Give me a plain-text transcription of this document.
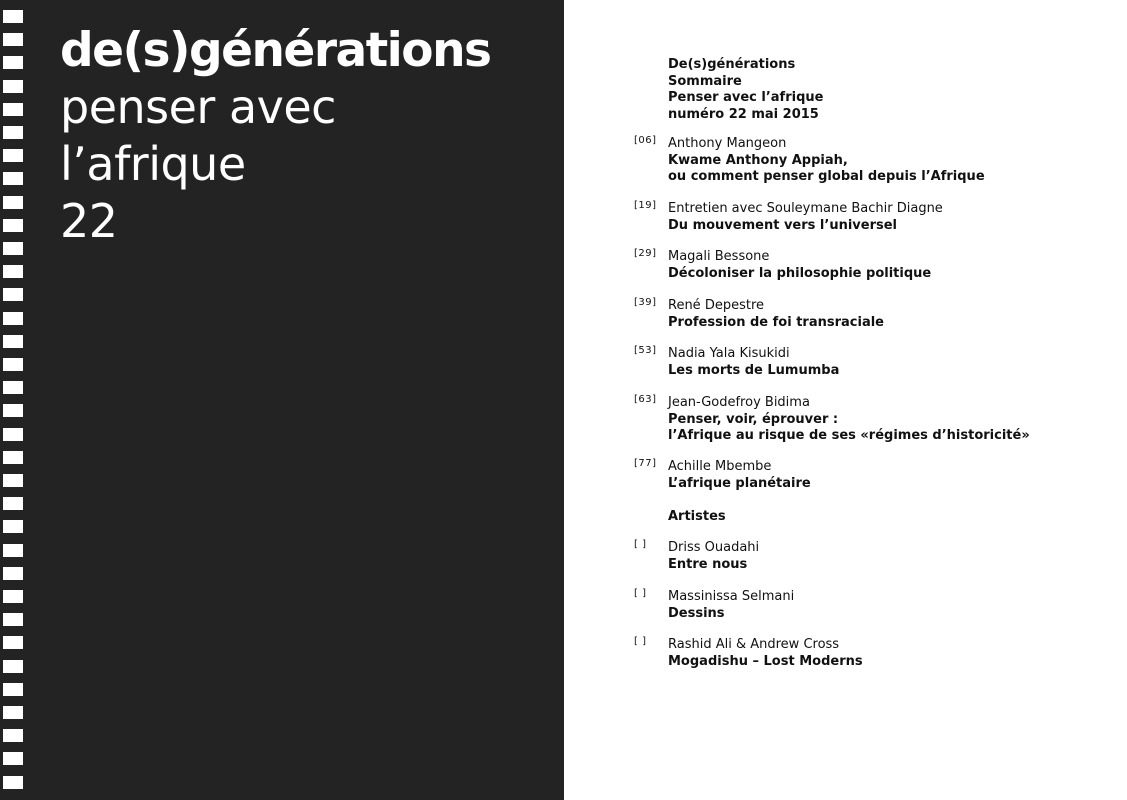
de(s)générations
penser avec
l’afrique
22
De(s)générations
Sommaire
Penser avec l’afrique
numéro 22 mai 2015
[06] Anthony Mangeon
Kwame Anthony Appiah,
ou comment penser global depuis l’Afrique
[19] Entretien avec Souleymane Bachir Diagne
Du mouvement vers l’universel
[29] Magali Bessone
Décoloniser la philosophie politique
[39] René Depestre
Profession de foi transraciale
[53] Nadia Yala Kisukidi
Les morts de Lumumba
[63] Jean-Godefroy Bidima
Penser, voir, éprouver :
l’Afrique au risque de ses «régimes d’historicité»
[77] Achille Mbembe
L’afrique planétaire
Artistes
[ ] Driss Ouadahi
Entre nous
[ ] Massinissa Selmani
Dessins
[ ] Rashid Ali & Andrew Cross
Mogadishu – Lost Moderns
